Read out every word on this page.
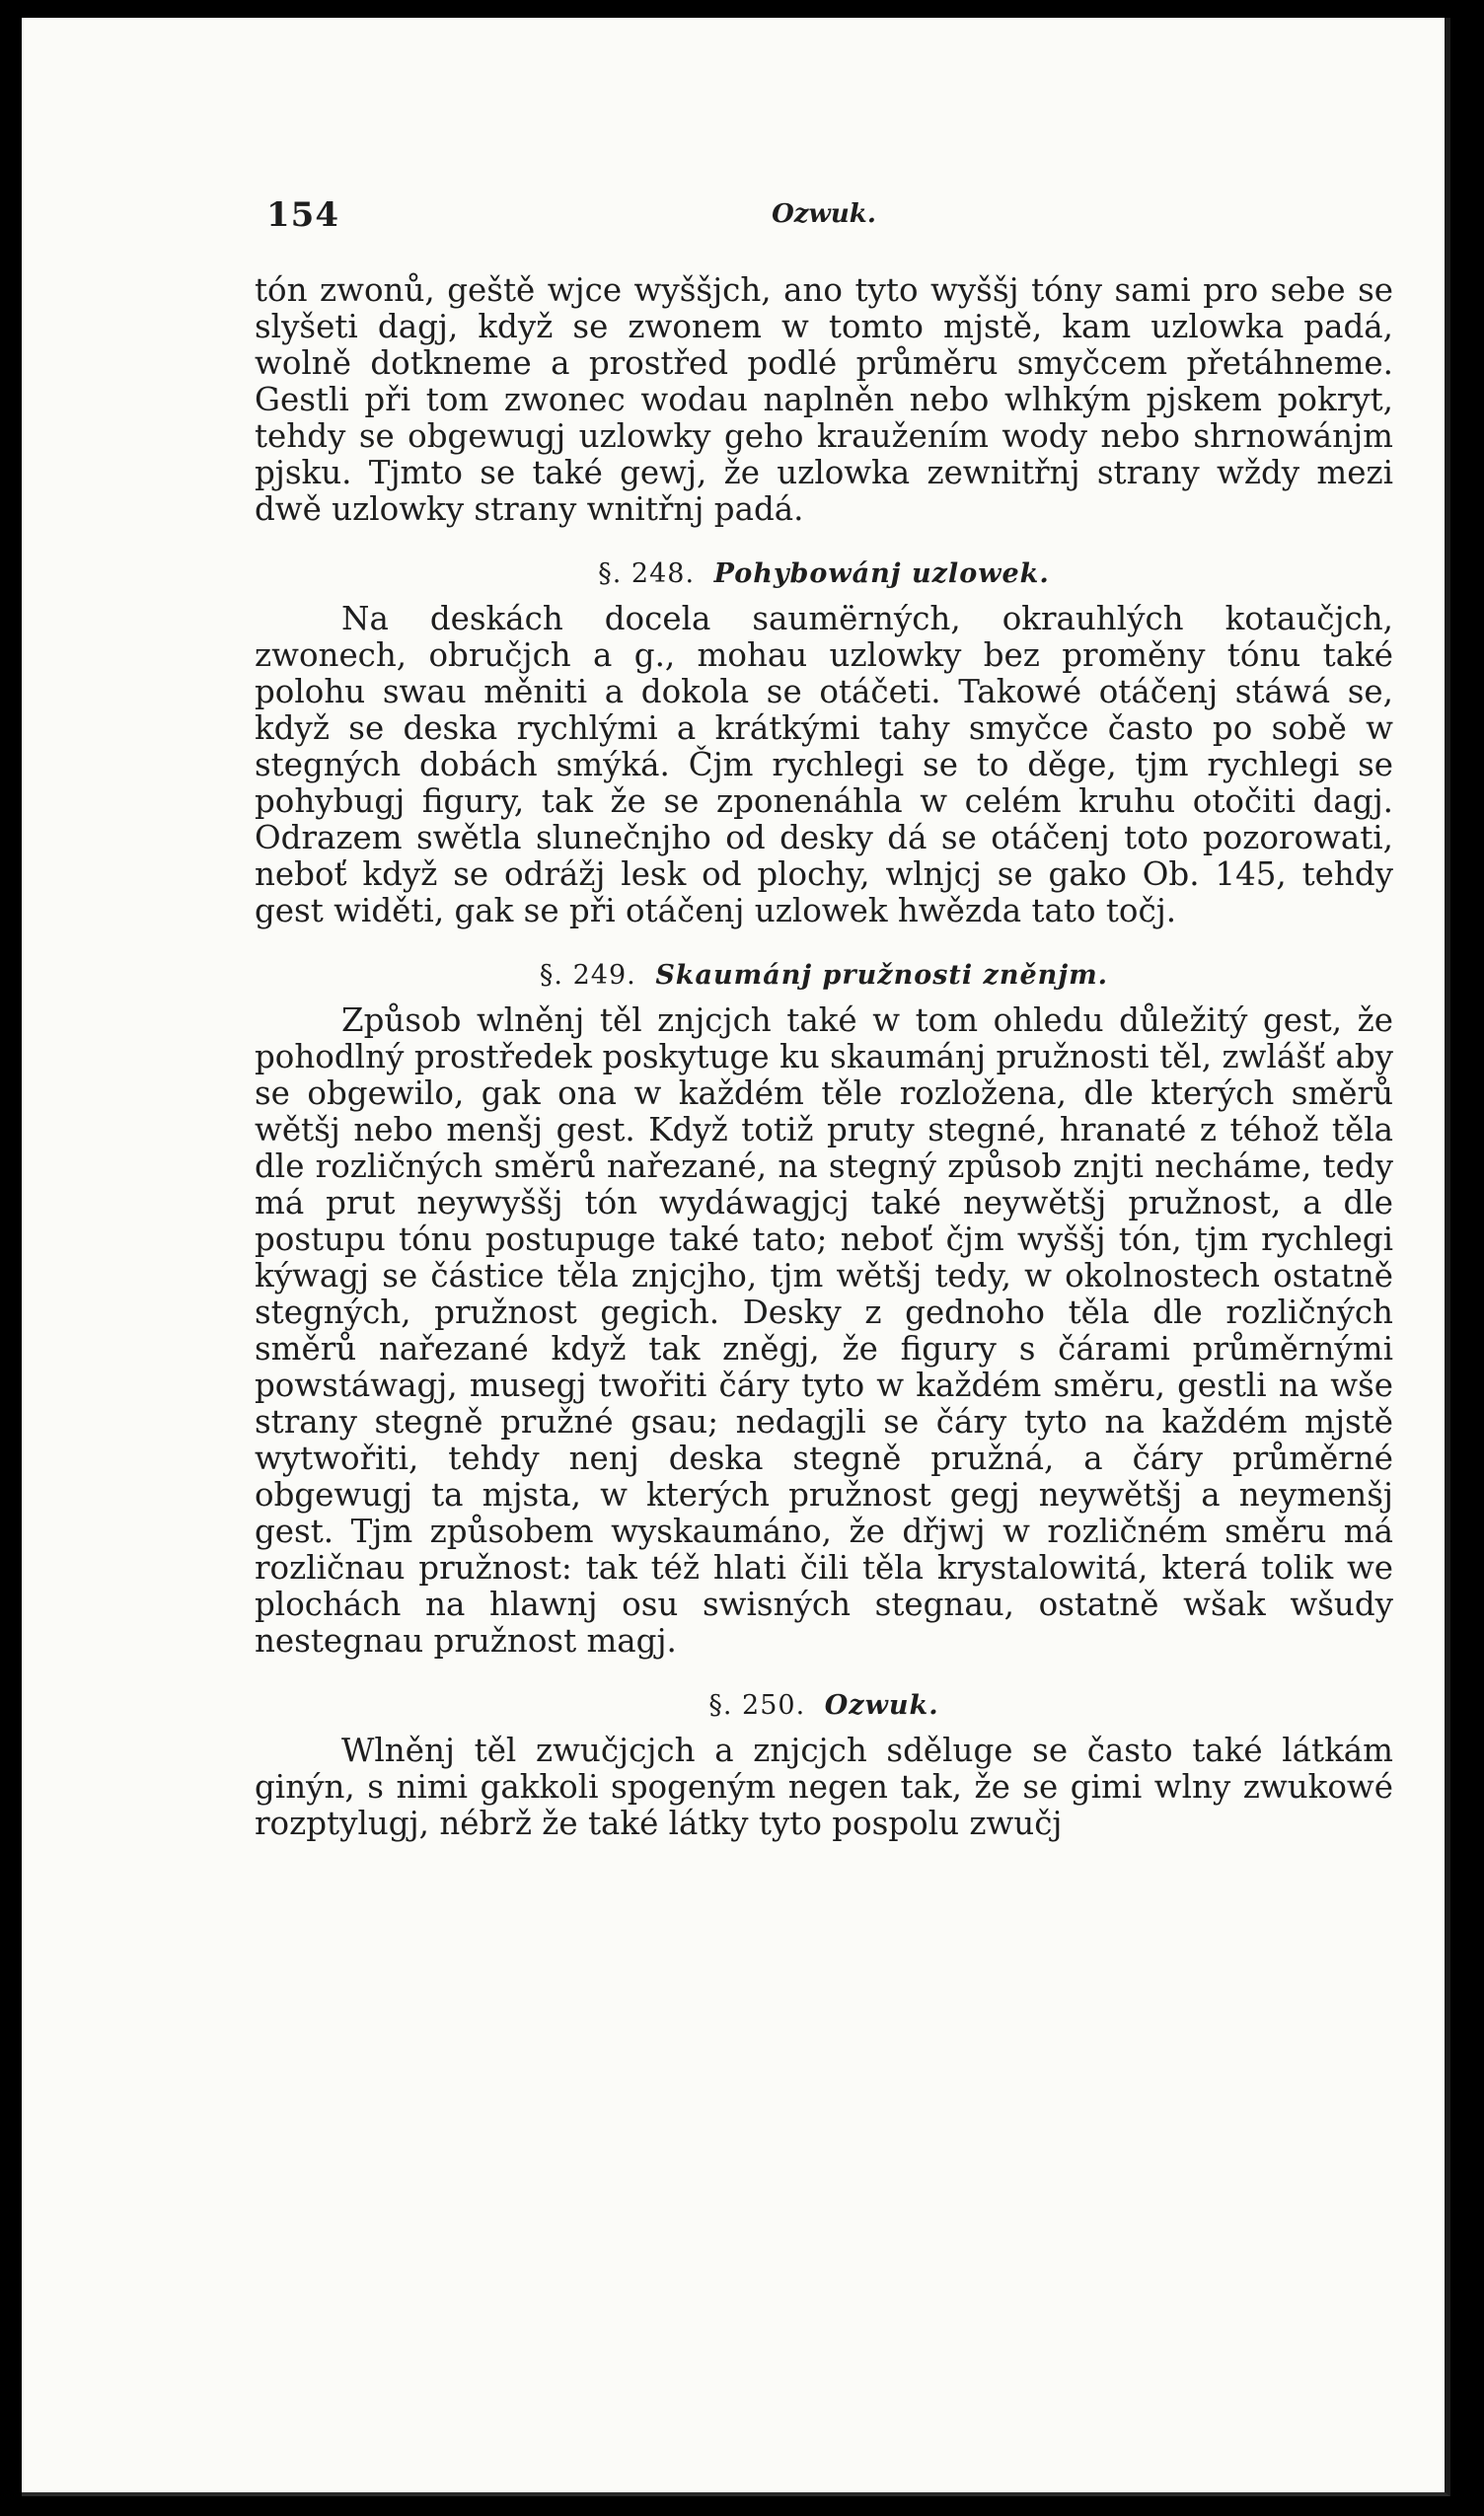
154	Ozwuk.

tón zwonů, geště wjce wyššjch, ano tyto wyššj tóny sami pro sebe se slyšeti dagj, když se zwonem w tomto mjstě, kam uzlowka padá, wolně dotkneme a prostřed podlé průměru smyčcem přetáhneme. Gestli při tom zwonec wodau naplněn nebo wlhkým pjskem pokryt, tehdy se obgewugj uzlowky geho kraužením wody nebo shrnowánjm pjsku. Tjmto se také gewj, že uzlowka zewnitřnj strany wždy mezi dwě uzlowky strany wnitřnj padá.

§. 248. Pohybowánj uzlowek.

Na deskách docela saumërných, okrauhlých kotaučjch, zwonech, obručjch a g., mohau uzlowky bez proměny tónu také polohu swau měniti a dokola se otáčeti. Takowé otáčenj stáwá se, když se deska rychlými a krátkými tahy smyčce často po sobě w stegných dobách smýká. Čjm rychlegi se to děge, tjm rychlegi se pohybugj figury, tak že se zponenáhla w celém kruhu otočiti dagj. Odrazem swětla slunečnjho od desky dá se otáčenj toto pozorowati, neboť když se odrážj lesk od plochy, wlnjcj se gako Ob. 145, tehdy gest widěti, gak se při otáčenj uzlowek hwězda tato točj.

§. 249. Skaumánj pružnosti zněnjm.

Způsob wlněnj těl znjcjch také w tom ohledu důležitý gest, že pohodlný prostředek poskytuge ku skaumánj pružnosti těl, zwlášť aby se obgewilo, gak ona w každém těle rozložena, dle kterých směrů wětšj nebo menšj gest. Když totiž pruty stegné, hranaté z téhož těla dle rozličných směrů nařezané, na stegný způsob znjti necháme, tedy má prut neywyššj tón wydáwagjcj také neywětšj pružnost, a dle postupu tónu postupuge také tato; neboť čjm wyššj tón, tjm rychlegi kýwagj se částice těla znjcjho, tjm wětšj tedy, w okolnostech ostatně stegných, pružnost gegich. Desky z gednoho těla dle rozličných směrů nařezané když tak zněgj, že figury s čárami průměrnými powstáwagj, musegj twořiti čáry tyto w každém směru, gestli na wše strany stegně pružné gsau; nedagjli se čáry tyto na každém mjstě wytwořiti, tehdy nenj deska stegně pružná, a čáry průměrné obgewugj ta mjsta, w kterých pružnost gegj neywětšj a neymenšj gest. Tjm způsobem wyskaumáno, že dřjwj w rozličném směru má rozličnau pružnost: tak též hlati čili těla krystalowitá, která tolik we plochách na hlawnj osu swisných stegnau, ostatně wšak wšudy nestegnau pružnost magj.

§. 250. Ozwuk.

Wlněnj těl zwučjcjch a znjcjch sděluge se často také látkám ginýn, s nimi gakkoli spogeným negen tak, že se gimi wlny zwukowé rozptylugj, nébrž že také látky tyto pospolu zwučj
